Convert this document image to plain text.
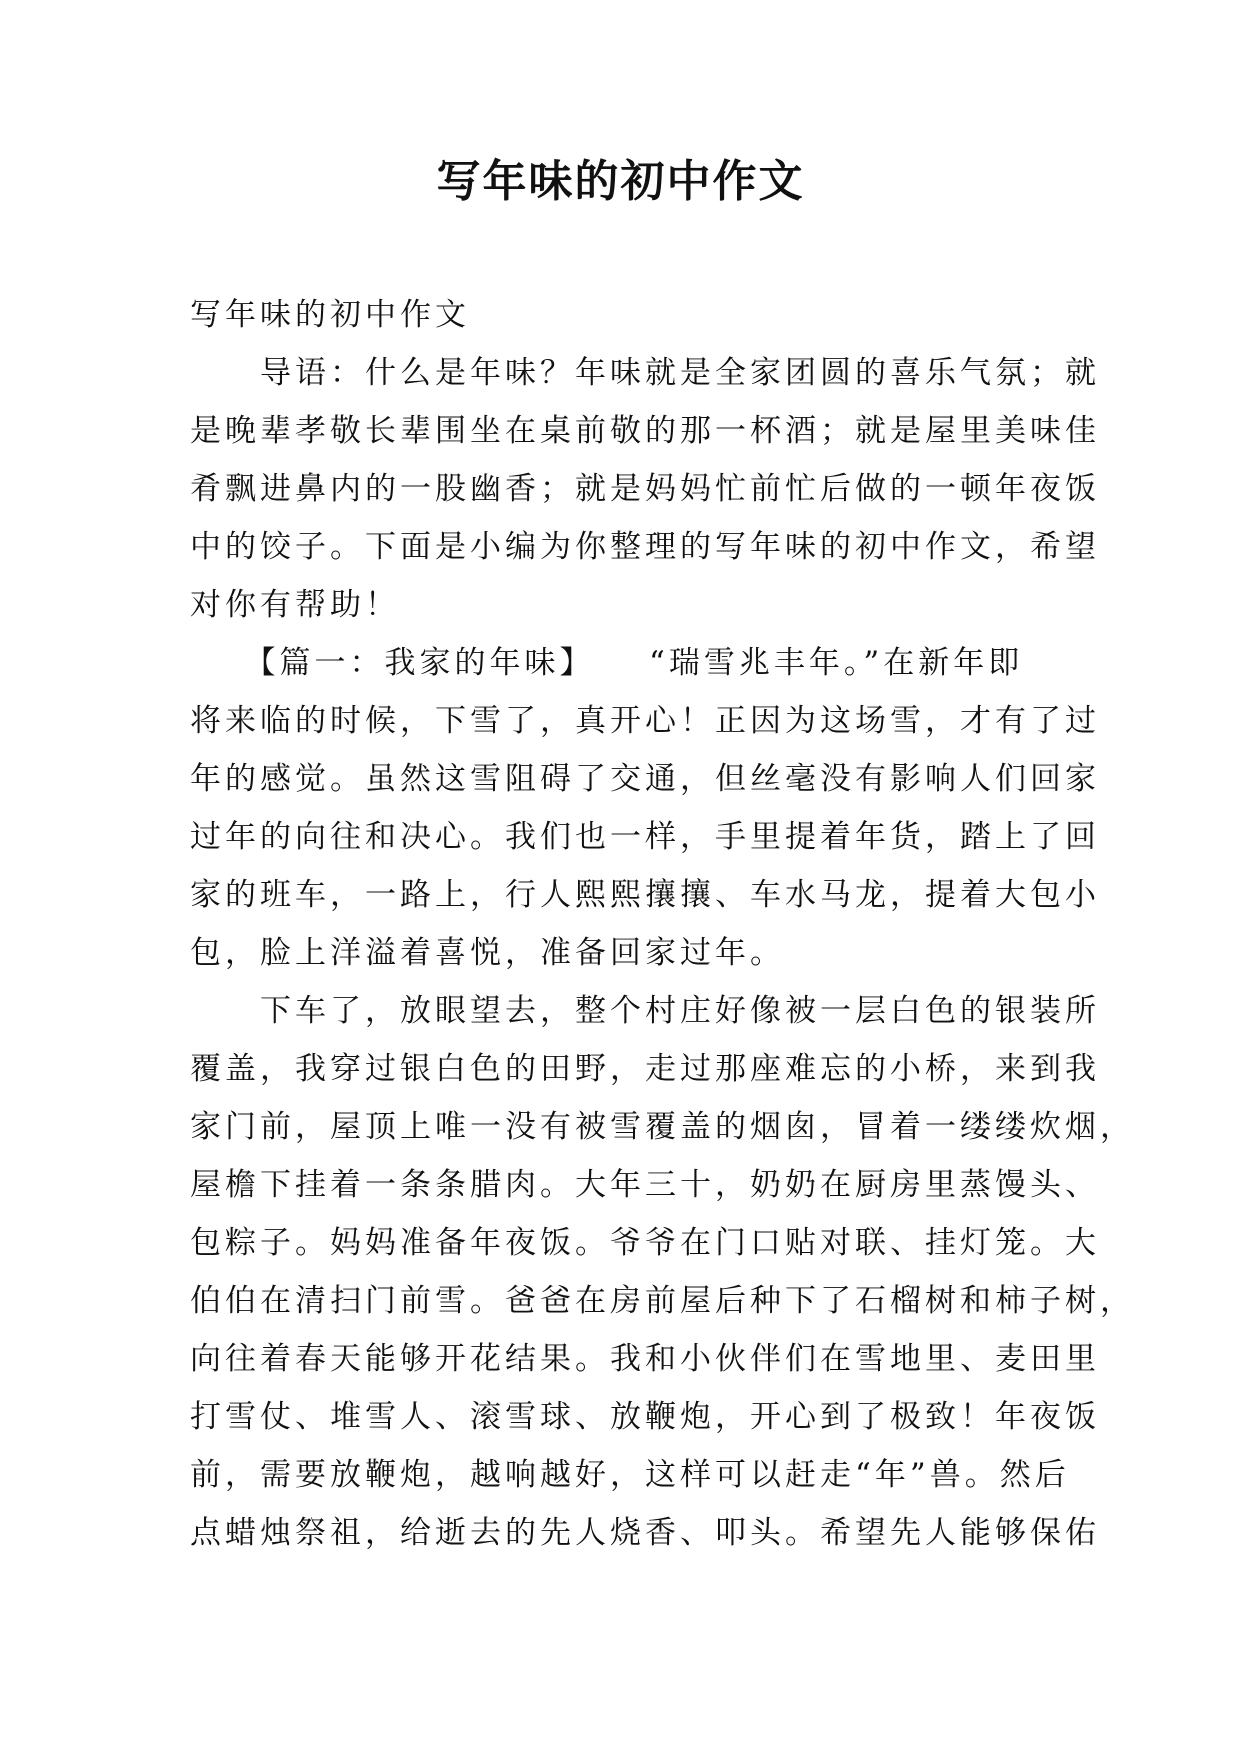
写年味的初中作文

写年味的初中作文

　　导语：什么是年味？年味就是全家团圆的喜乐气氛；就

是晚辈孝敬长辈围坐在桌前敬的那一杯酒；就是屋里美味佳

肴飘进鼻内的一股幽香；就是妈妈忙前忙后做的一顿年夜饭

中的饺子。下面是小编为你整理的写年味的初中作文，希望

对你有帮助！

　　【篇一：我家的年味】　　“瑞雪兆丰年。”在新年即

将来临的时候，下雪了，真开心！正因为这场雪，才有了过

年的感觉。虽然这雪阻碍了交通，但丝毫没有影响人们回家

过年的向往和决心。我们也一样，手里提着年货，踏上了回

家的班车，一路上，行人熙熙攘攘、车水马龙，提着大包小

包，脸上洋溢着喜悦，准备回家过年。

　　下车了，放眼望去，整个村庄好像被一层白色的银装所

覆盖，我穿过银白色的田野，走过那座难忘的小桥，来到我

家门前，屋顶上唯一没有被雪覆盖的烟囱，冒着一缕缕炊烟，

屋檐下挂着一条条腊肉。大年三十，奶奶在厨房里蒸馒头、

包粽子。妈妈准备年夜饭。爷爷在门口贴对联、挂灯笼。大

伯伯在清扫门前雪。爸爸在房前屋后种下了石榴树和柿子树，

向往着春天能够开花结果。我和小伙伴们在雪地里、麦田里

打雪仗、堆雪人、滚雪球、放鞭炮，开心到了极致！年夜饭

前，需要放鞭炮，越响越好，这样可以赶走“年”兽。然后

点蜡烛祭祖，给逝去的先人烧香、叩头。希望先人能够保佑
